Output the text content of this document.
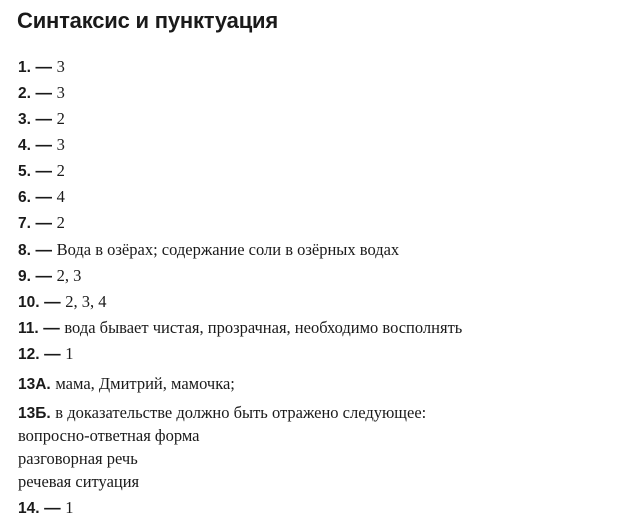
Синтаксис и пунктуация
1. — 3
2. — 3
3. — 2
4. — 3
5. — 2
6. — 4
7. — 2
8. — Вода в озёрах; содержание соли в озёрных водах
9. — 2, 3
10. — 2, 3, 4
11. — вода бывает чистая, прозрачная, необходимо восполнять
12. — 1
13А. мама, Дмитрий, мамочка;
13Б. в доказательстве должно быть отражено следующее:
вопросно-ответная форма
разговорная речь
речевая ситуация
14. — 1
